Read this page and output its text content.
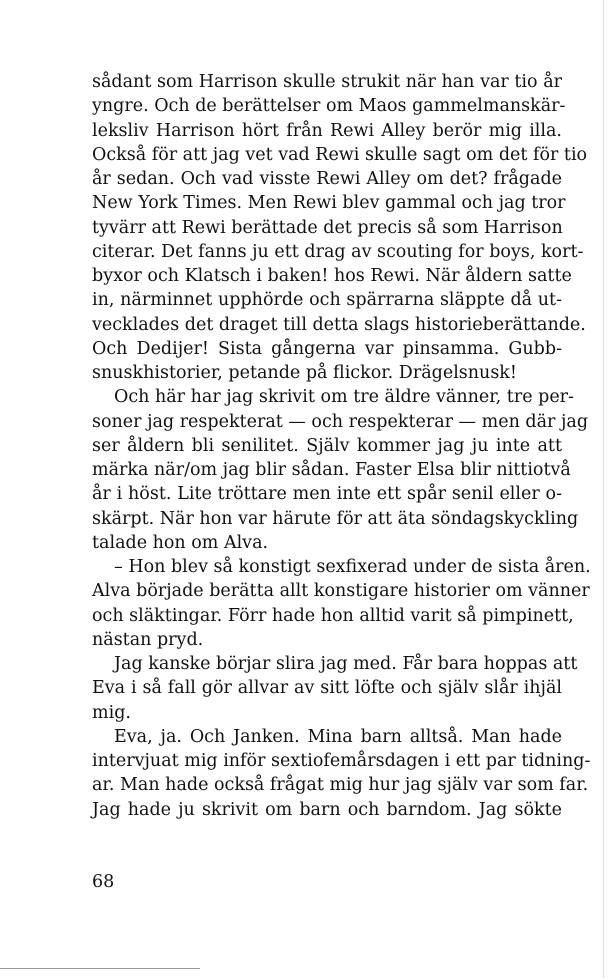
sådant som Harrison skulle strukit när han var tio år
yngre. Och de berättelser om Maos gammelmanskär-
leksliv Harrison hört från Rewi Alley berör mig illa.
Också för att jag vet vad Rewi skulle sagt om det för tio
år sedan. Och vad visste Rewi Alley om det? frågade
New York Times. Men Rewi blev gammal och jag tror
tyvärr att Rewi berättade det precis så som Harrison
citerar. Det fanns ju ett drag av scouting for boys, kort-
byxor och Klatsch i baken! hos Rewi. När åldern satte
in, närminnet upphörde och spärrarna släppte då ut-
vecklades det draget till detta slags historieberättande.
Och Dedijer! Sista gångerna var pinsamma. Gubb-
snuskhistorier, petande på flickor. Drägelsnusk!
Och här har jag skrivit om tre äldre vänner, tre per-
soner jag respekterat — och respekterar — men där jag
ser åldern bli senilitet. Själv kommer jag ju inte att
märka när/om jag blir sådan. Faster Elsa blir nittiotvå
år i höst. Lite tröttare men inte ett spår senil eller o-
skärpt. När hon var härute för att äta söndagskyckling
talade hon om Alva.
– Hon blev så konstigt sexfixerad under de sista åren.
Alva började berätta allt konstigare historier om vänner
och släktingar. Förr hade hon alltid varit så pimpinett,
nästan pryd.
Jag kanske börjar slira jag med. Får bara hoppas att
Eva i så fall gör allvar av sitt löfte och själv slår ihjäl
mig.
Eva, ja. Och Janken. Mina barn alltså. Man hade
intervjuat mig inför sextiofemårsdagen i ett par tidning-
ar. Man hade också frågat mig hur jag själv var som far.
Jag hade ju skrivit om barn och barndom. Jag sökte
68
